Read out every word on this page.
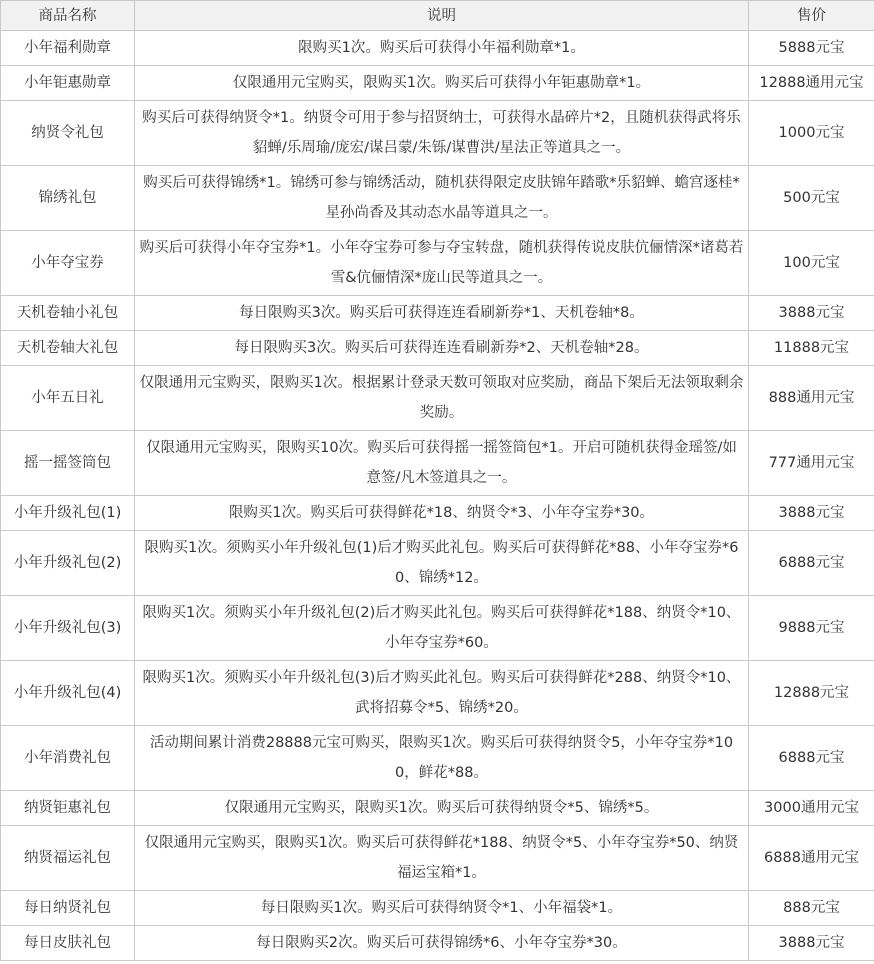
商品名称	说明	售价
小年福利勋章	限购买1次。购买后可获得小年福利勋章*1。	5888元宝
小年钜惠勋章	仅限通用元宝购买，限购买1次。购买后可获得小年钜惠勋章*1。	12888通用元宝
纳贤令礼包	购买后可获得纳贤令*1。纳贤令可用于参与招贤纳士，可获得水晶碎片*2，且随机获得武将乐貂蝉/乐周瑜/庞宏/谋吕蒙/朱铄/谋曹洪/星法正等道具之一。	1000元宝
锦绣礼包	购买后可获得锦绣*1。锦绣可参与锦绣活动，随机获得限定皮肤锦年踏歌*乐貂蝉、蟾宫逐桂*星孙尚香及其动态水晶等道具之一。	500元宝
小年夺宝券	购买后可获得小年夺宝券*1。小年夺宝券可参与夺宝转盘，随机获得传说皮肤伉俪情深*诸葛若雪&伉俪情深*庞山民等道具之一。	100元宝
天机卷轴小礼包	每日限购买3次。购买后可获得连连看刷新券*1、天机卷轴*8。	3888元宝
天机卷轴大礼包	每日限购买3次。购买后可获得连连看刷新券*2、天机卷轴*28。	11888元宝
小年五日礼	仅限通用元宝购买，限购买1次。根据累计登录天数可领取对应奖励，商品下架后无法领取剩余奖励。	888通用元宝
摇一摇签筒包	仅限通用元宝购买，限购买10次。购买后可获得摇一摇签筒包*1。开启可随机获得金瑶签/如意签/凡木签道具之一。	777通用元宝
小年升级礼包(1)	限购买1次。购买后可获得鲜花*18、纳贤令*3、小年夺宝券*30。	3888元宝
小年升级礼包(2)	限购买1次。须购买小年升级礼包(1)后才购买此礼包。购买后可获得鲜花*88、小年夺宝券*60、锦绣*12。	6888元宝
小年升级礼包(3)	限购买1次。须购买小年升级礼包(2)后才购买此礼包。购买后可获得鲜花*188、纳贤令*10、小年夺宝券*60。	9888元宝
小年升级礼包(4)	限购买1次。须购买小年升级礼包(3)后才购买此礼包。购买后可获得鲜花*288、纳贤令*10、武将招募令*5、锦绣*20。	12888元宝
小年消费礼包	活动期间累计消费28888元宝可购买，限购买1次。购买后可获得纳贤令5，小年夺宝券*100，鲜花*88。	6888元宝
纳贤钜惠礼包	仅限通用元宝购买，限购买1次。购买后可获得纳贤令*5、锦绣*5。	3000通用元宝
纳贤福运礼包	仅限通用元宝购买，限购买1次。购买后可获得鲜花*188、纳贤令*5、小年夺宝券*50、纳贤福运宝箱*1。	6888通用元宝
每日纳贤礼包	每日限购买1次。购买后可获得纳贤令*1、小年福袋*1。	888元宝
每日皮肤礼包	每日限购买2次。购买后可获得锦绣*6、小年夺宝券*30。	3888元宝
